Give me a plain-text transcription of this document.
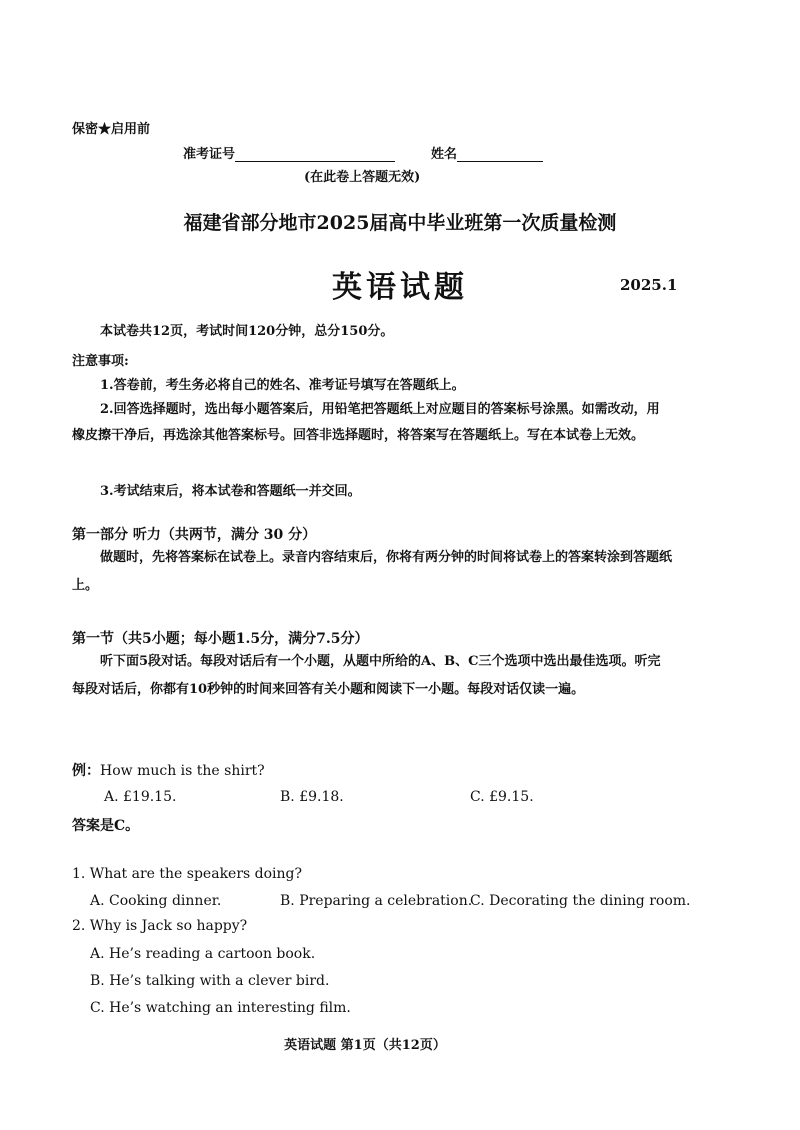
保密★启用前
准考证号	姓名
(在此卷上答题无效)
福建省部分地市2025届高中毕业班第一次质量检测
英语试题	2025.1
本试卷共12页，考试时间120分钟，总分150分。
注意事项:
1.答卷前，考生务必将自己的姓名、准考证号填写在答题纸上。
2.回答选择题时，选出每小题答案后，用铅笔把答题纸上对应题目的答案标号涂黑。如需改动，用橡皮擦干净后，再选涂其他答案标号。回答非选择题时，将答案写在答题纸上。写在本试卷上无效。
3.考试结束后，将本试卷和答题纸一并交回。
第一部分 听力（共两节，满分 30 分）
做题时，先将答案标在试卷上。录音内容结束后，你将有两分钟的时间将试卷上的答案转涂到答题纸上。
第一节（共5小题；每小题1.5分，满分7.5分）
听下面5段对话。每段对话后有一个小题，从题中所给的A、B、C三个选项中选出最佳选项。听完每段对话后，你都有10秒钟的时间来回答有关小题和阅读下一小题。每段对话仅读一遍。
例：How much is the shirt?
A. £19.15.	B. £9.18.	C. £9.15.
答案是C。
1. What are the speakers doing?
A. Cooking dinner.	B. Preparing a celebration.
C. Decorating the dining room.
2. Why is Jack so happy?
A. He’s reading a cartoon book.
B. He’s talking with a clever bird.
C. He’s watching an interesting film.
英语试题 第1页（共12页）
